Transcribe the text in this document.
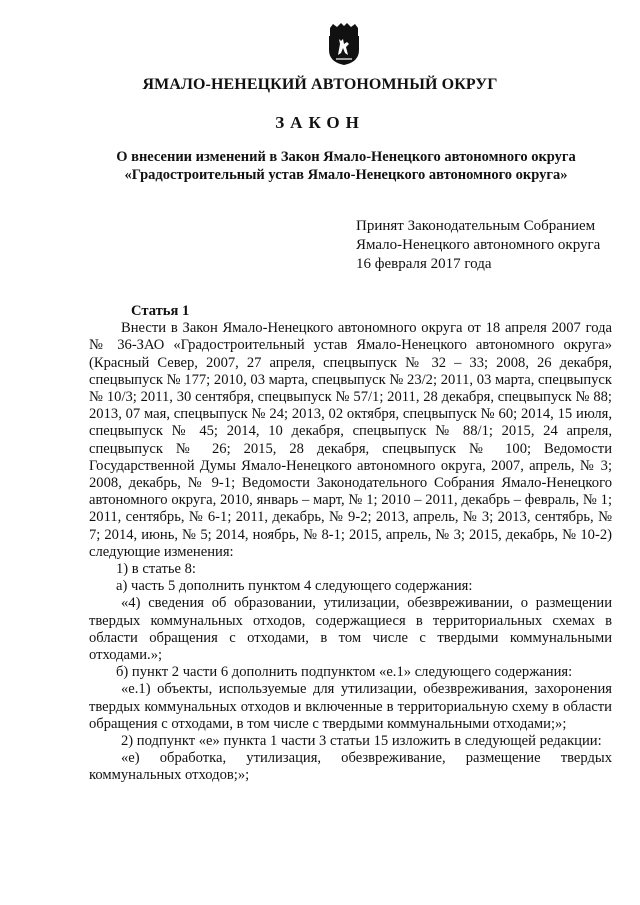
ЯМАЛО-НЕНЕЦКИЙ АВТОНОМНЫЙ ОКРУГ
ЗАКОН
О внесении изменений в Закон Ямало-Ненецкого автономного округа
«Градостроительный устав Ямало-Ненецкого автономного округа»
Принят Законодательным Собранием
Ямало-Ненецкого автономного округа
16 февраля 2017 года

Статья 1

Внести в Закон Ямало-Ненецкого автономного округа от 18 апреля 2007 года № 36-ЗАО «Градостроительный устав Ямало-Ненецкого автономного округа» (Красный Север, 2007, 27 апреля, спецвыпуск № 32 – 33; 2008, 26 декабря, спецвыпуск № 177; 2010, 03 марта, спецвыпуск № 23/2; 2011, 03 марта, спецвыпуск № 10/3; 2011, 30 сентября, спецвыпуск № 57/1; 2011, 28 декабря, спецвыпуск № 88; 2013, 07 мая, спецвыпуск № 24; 2013, 02 октября, спецвыпуск № 60; 2014, 15 июля, спецвыпуск № 45; 2014, 10 декабря, спецвыпуск № 88/1; 2015, 24 апреля, спецвыпуск № 26; 2015, 28 декабря, спецвыпуск № 100; Ведомости Государственной Думы Ямало-Ненецкого автономного округа, 2007, апрель, № 3; 2008, декабрь, № 9-1; Ведомости Законодательного Собрания Ямало-Ненецкого автономного округа, 2010, январь – март, № 1; 2010 – 2011, декабрь – февраль, № 1; 2011, сентябрь, № 6-1; 2011, декабрь, № 9-2; 2013, апрель, № 3; 2013, сентябрь, № 7; 2014, июнь, № 5; 2014, ноябрь, № 8-1; 2015, апрель, № 3; 2015, декабрь, № 10-2) следующие изменения:

1) в статье 8:

а) часть 5 дополнить пунктом 4 следующего содержания:

«4) сведения об образовании, утилизации, обезвреживании, о размещении твердых коммунальных отходов, содержащиеся в территориальных схемах в области обращения с отходами, в том числе с твердыми коммунальными отходами.»;

б) пункт 2 части 6 дополнить подпунктом «е.1» следующего содержания:

«е.1) объекты, используемые для утилизации, обезвреживания, захоронения твердых коммунальных отходов и включенные в территориальную схему в области обращения с отходами, в том числе с твердыми коммунальными отходами;»;

2) подпункт «е» пункта 1 части 3 статьи 15 изложить в следующей редакции:

«е) обработка, утилизация, обезвреживание, размещение твердых коммунальных отходов;»;
